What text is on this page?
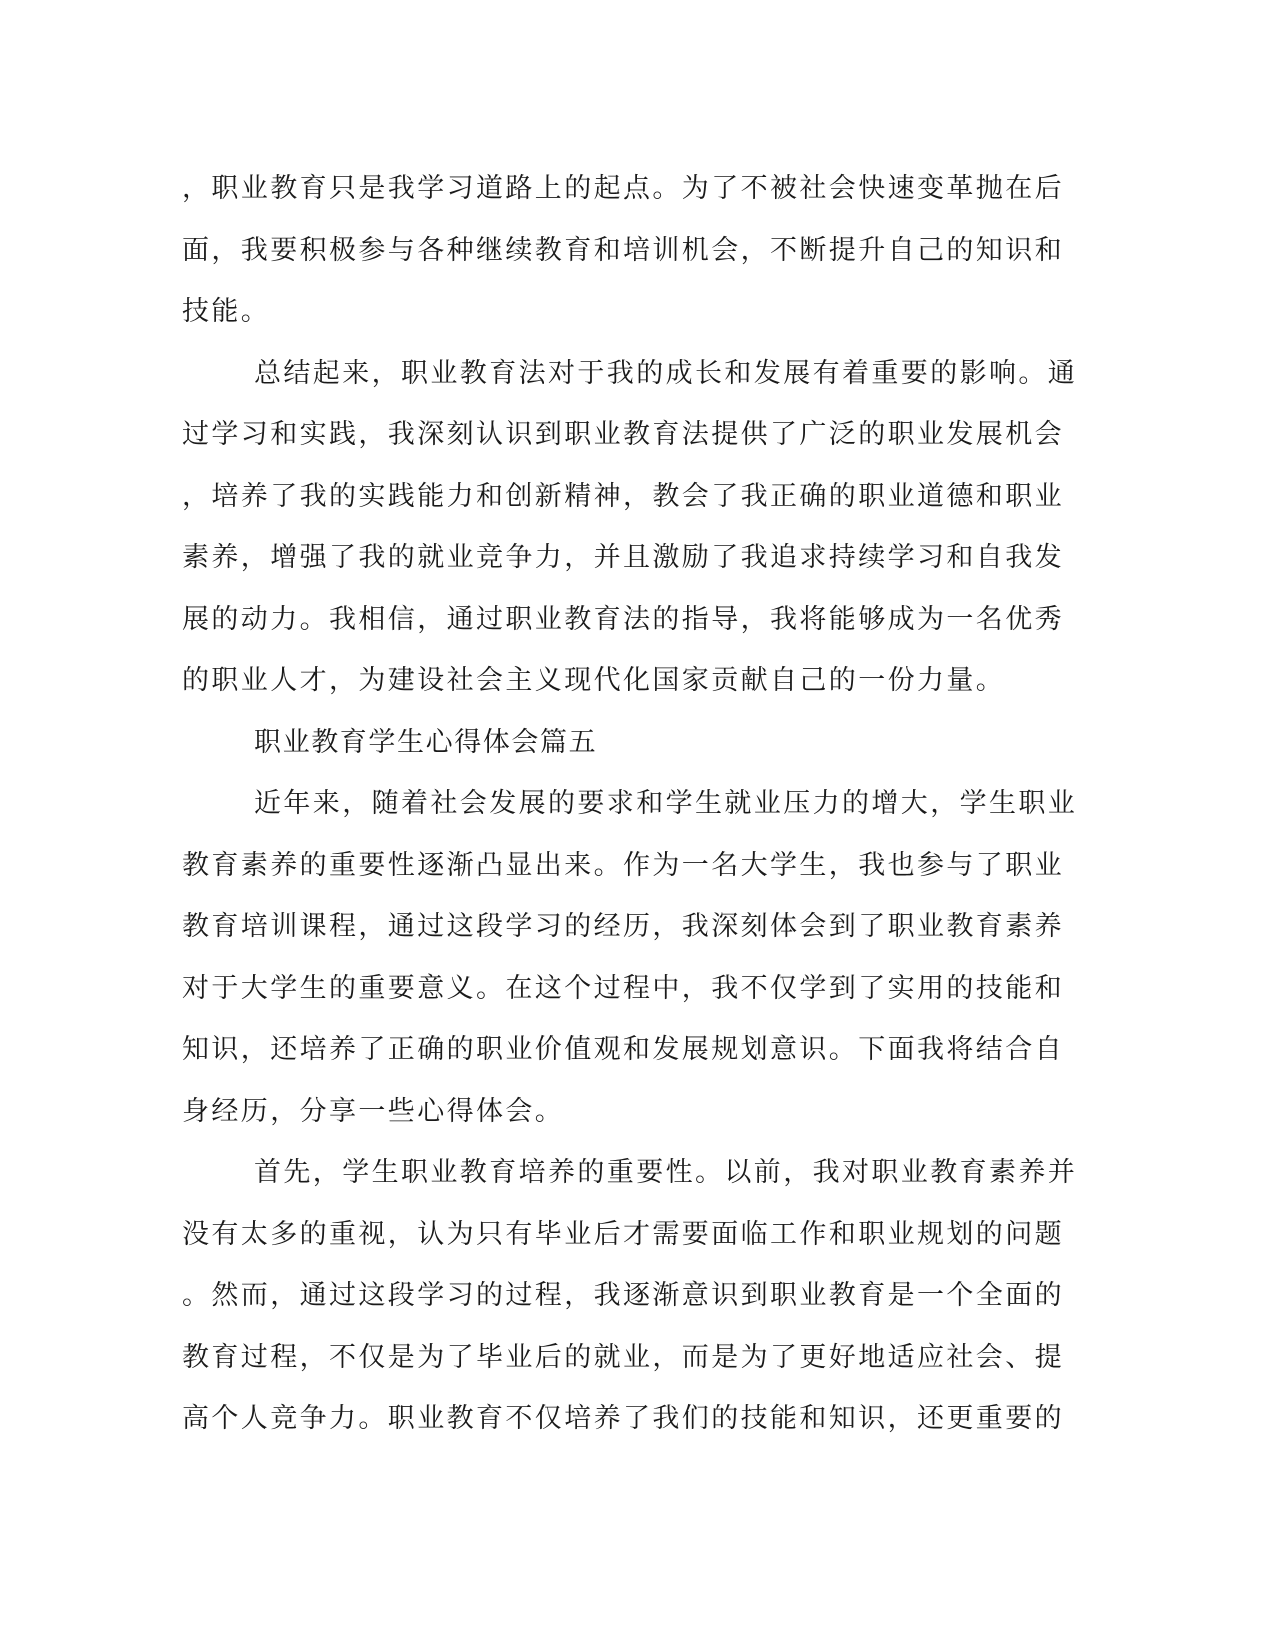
，职业教育只是我学习道路上的起点。为了不被社会快速变革抛在后
面，我要积极参与各种继续教育和培训机会，不断提升自己的知识和
技能。
总结起来，职业教育法对于我的成长和发展有着重要的影响。通
过学习和实践，我深刻认识到职业教育法提供了广泛的职业发展机会
，培养了我的实践能力和创新精神，教会了我正确的职业道德和职业
素养，增强了我的就业竞争力，并且激励了我追求持续学习和自我发
展的动力。我相信，通过职业教育法的指导，我将能够成为一名优秀
的职业人才，为建设社会主义现代化国家贡献自己的一份力量。
职业教育学生心得体会篇五
近年来，随着社会发展的要求和学生就业压力的增大，学生职业
教育素养的重要性逐渐凸显出来。作为一名大学生，我也参与了职业
教育培训课程，通过这段学习的经历，我深刻体会到了职业教育素养
对于大学生的重要意义。在这个过程中，我不仅学到了实用的技能和
知识，还培养了正确的职业价值观和发展规划意识。下面我将结合自
身经历，分享一些心得体会。
首先，学生职业教育培养的重要性。以前，我对职业教育素养并
没有太多的重视，认为只有毕业后才需要面临工作和职业规划的问题
。然而，通过这段学习的过程，我逐渐意识到职业教育是一个全面的
教育过程，不仅是为了毕业后的就业，而是为了更好地适应社会、提
高个人竞争力。职业教育不仅培养了我们的技能和知识，还更重要的
